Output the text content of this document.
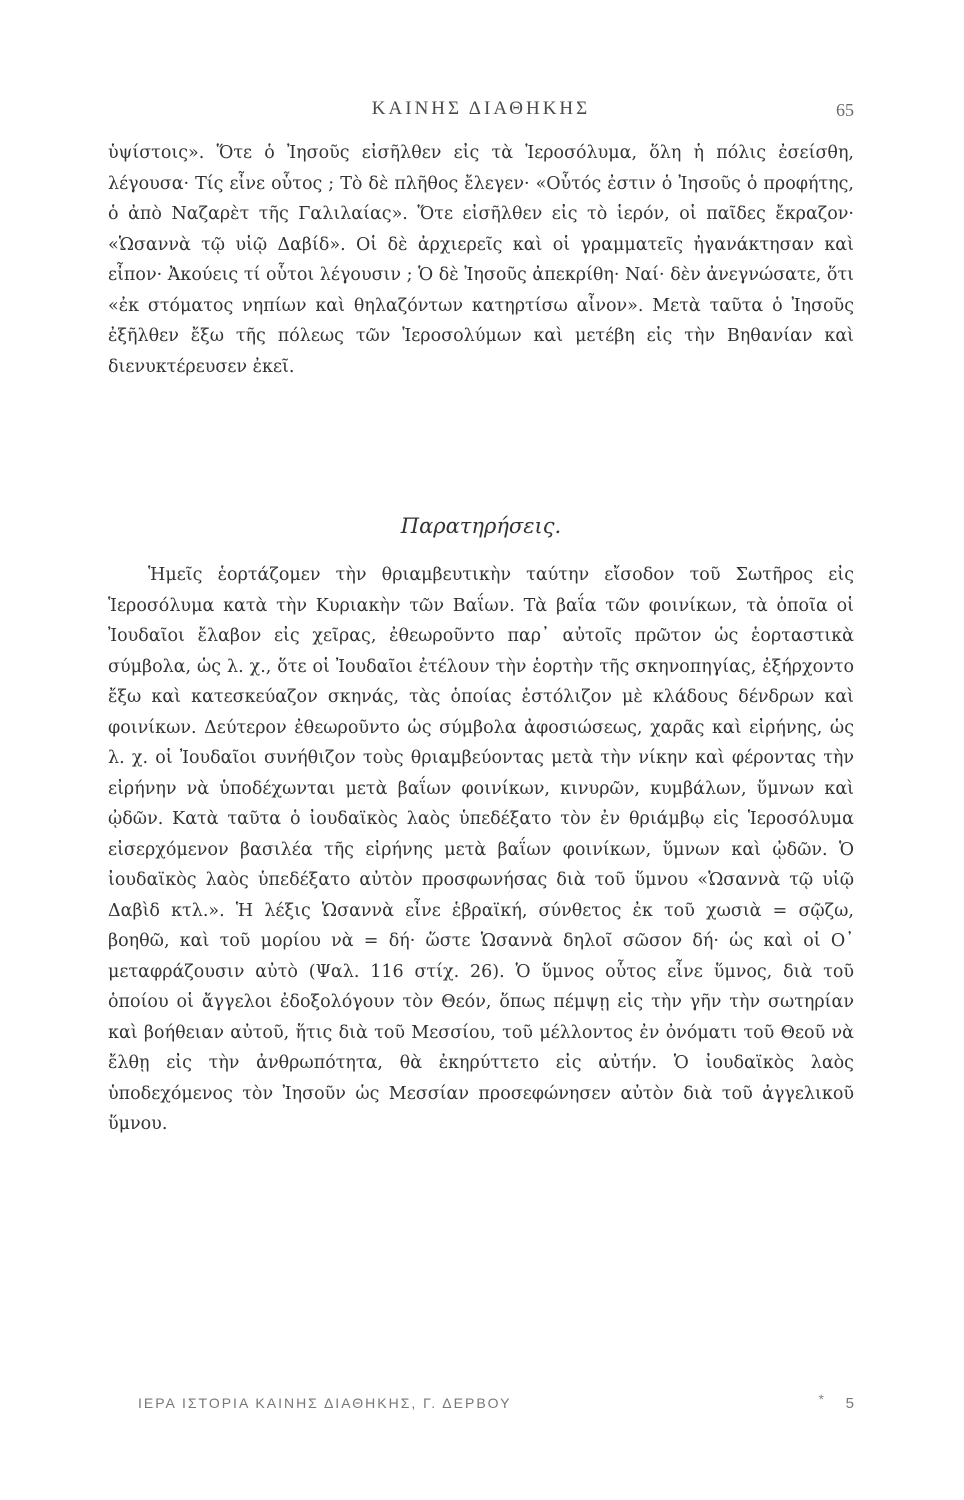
ΚΑΙΝΗΣ ΔΙΑΘΗΚΗΣ	65

ὑψίστοις». Ὅτε ὁ Ἰησοῦς εἰσῆλθεν εἰς τὰ Ἱεροσόλυμα, ὅλη ἡ πόλις ἐσείσθη, λέγουσα· Τίς εἶνε οὗτος ; Τὸ δὲ πλῆθος ἔλεγεν· «Οὗτός ἐστιν ὁ Ἰησοῦς ὁ προφήτης, ὁ ἀπὸ Ναζαρὲτ τῆς Γαλιλαίας». Ὅτε εἰσῆλθεν εἰς τὸ ἱερόν, οἱ παῖδες ἔκραζον· «Ὡσαννὰ τῷ υἱῷ Δαβίδ». Οἱ δὲ ἀρχιερεῖς καὶ οἱ γραμματεῖς ἠγανάκτησαν καὶ εἶπον· Ἀκούεις τί οὗτοι λέγουσιν ; Ὁ δὲ Ἰησοῦς ἀπεκρίθη· Ναί· δὲν ἀνεγνώσατε, ὅτι «ἐκ στόματος νηπίων καὶ θηλαζόντων κατηρτίσω αἶνον». Μετὰ ταῦτα ὁ Ἰησοῦς ἐξῆλθεν ἔξω τῆς πόλεως τῶν Ἱεροσολύμων καὶ μετέβη εἰς τὴν Βηθανίαν καὶ διενυκτέρευσεν ἐκεῖ.

Παρατηρήσεις.

Ἡμεῖς ἑορτάζομεν τὴν θριαμβευτικὴν ταύτην εἴσοδον τοῦ Σωτῆρος εἰς Ἱεροσόλυμα κατὰ τὴν Κυριακὴν τῶν Βαΐων. Τὰ βαΐα τῶν φοινίκων, τὰ ὁποῖα οἱ Ἰουδαῖοι ἔλαβον εἰς χεῖρας, ἐθεωροῦντο παρ᾽ αὐτοῖς πρῶτον ὡς ἑορταστικὰ σύμβολα, ὡς λ. χ., ὅτε οἱ Ἰουδαῖοι ἐτέλουν τὴν ἑορτὴν τῆς σκηνοπηγίας, ἐξήρχοντο ἔξω καὶ κατεσκεύαζον σκηνάς, τὰς ὁποίας ἐστόλιζον μὲ κλάδους δένδρων καὶ φοινίκων. Δεύτερον ἐθεωροῦντο ὡς σύμβολα ἀφοσιώσεως, χαρᾶς καὶ εἰρήνης, ὡς λ. χ. οἱ Ἰουδαῖοι συνήθιζον τοὺς θριαμβεύοντας μετὰ τὴν νίκην καὶ φέροντας τὴν εἰρήνην νὰ ὑποδέχωνται μετὰ βαΐων φοινίκων, κινυρῶν, κυμβάλων, ὕμνων καὶ ᾠδῶν. Κατὰ ταῦτα ὁ ἰουδαϊκὸς λαὸς ὑπεδέξατο τὸν ἐν θριάμβῳ εἰς Ἱεροσόλυμα εἰσερχόμενον βασιλέα τῆς εἰρήνης μετὰ βαΐων φοινίκων, ὕμνων καὶ ᾠδῶν. Ὁ ἰουδαϊκὸς λαὸς ὑπεδέξατο αὐτὸν προσφωνήσας διὰ τοῦ ὕμνου «Ὡσαννὰ τῷ υἱῷ Δαβὶδ κτλ.». Ἡ λέξις Ὡσαννὰ εἶνε ἑβραϊκή, σύνθετος ἐκ τοῦ χωσιὰ = σῷζω, βοηθῶ, καὶ τοῦ μορίου νὰ = δή· ὥστε Ὡσαννὰ δηλοῖ σῶσον δή· ὡς καὶ οἱ Ο᾽ μεταφράζουσιν αὐτὸ (Ψαλ. 116 στίχ. 26). Ὁ ὕμνος οὗτος εἶνε ὕμνος, διὰ τοῦ ὁποίου οἱ ἄγγελοι ἐδοξολόγουν τὸν Θεόν, ὅπως πέμψῃ εἰς τὴν γῆν τὴν σωτηρίαν καὶ βοήθειαν αὐτοῦ, ἥτις διὰ τοῦ Μεσσίου, τοῦ μέλλοντος ἐν ὀνόματι τοῦ Θεοῦ νὰ ἔλθῃ εἰς τὴν ἀνθρωπότητα, θὰ ἐκηρύττετο εἰς αὐτήν. Ὁ ἰουδαϊκὸς λαὸς ὑποδεχόμενος τὸν Ἰησοῦν ὡς Μεσσίαν προσεφώνησεν αὐτὸν διὰ τοῦ ἀγγελικοῦ ὕμνου.

ΙΕΡΑ ΙΣΤΟΡΙΑ ΚΑΙΝΗΣ ΔΙΑΘΗΚΗΣ, Γ. ΔΕΡΒΟΥ	* 5
